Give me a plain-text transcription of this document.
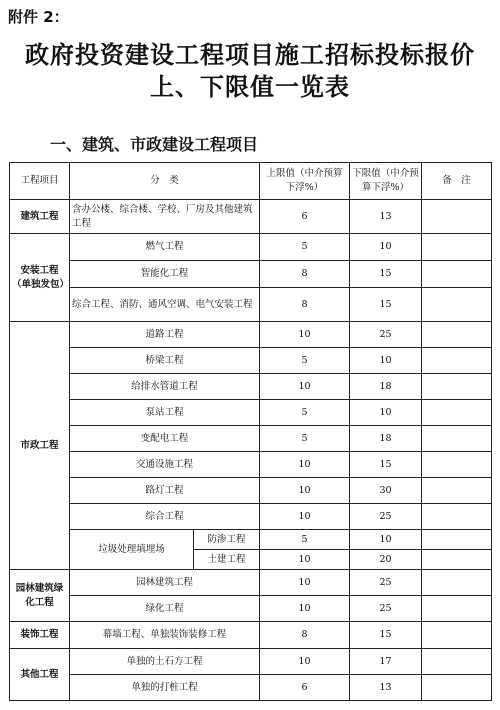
附件 2：
政府投资建设工程项目施工招标投标报价
上、下限值一览表
一、建筑、市政建设工程项目
工程项目	分　类		上限值（中介预算下浮%）	下限值（中介预算下浮%）	备　注
建筑工程	含办公楼、综合楼、学校、厂房及其他建筑工程		6	13	
安装工程（单独发包）	燃气工程		5	10	
	智能化工程		8	15	
	综合工程、消防、通风空调、电气安装工程		8	15	
市政工程	道路工程		10	25	
	桥梁工程		5	10	
	给排水管道工程		10	18	
	泵站工程		5	10	
	变配电工程		5	18	
	交通设施工程		10	15	
	路灯工程		10	30	
	综合工程		10	25	
	垃圾处理填埋场	防渗工程	5	10	
		土建工程	10	20	
园林建筑绿化工程	园林建筑工程		10	25	
	绿化工程		10	25	
装饰工程	幕墙工程、单独装饰装修工程		8	15	
其他工程	单独的土石方工程		10	17	
	单独的打桩工程		6	13	
